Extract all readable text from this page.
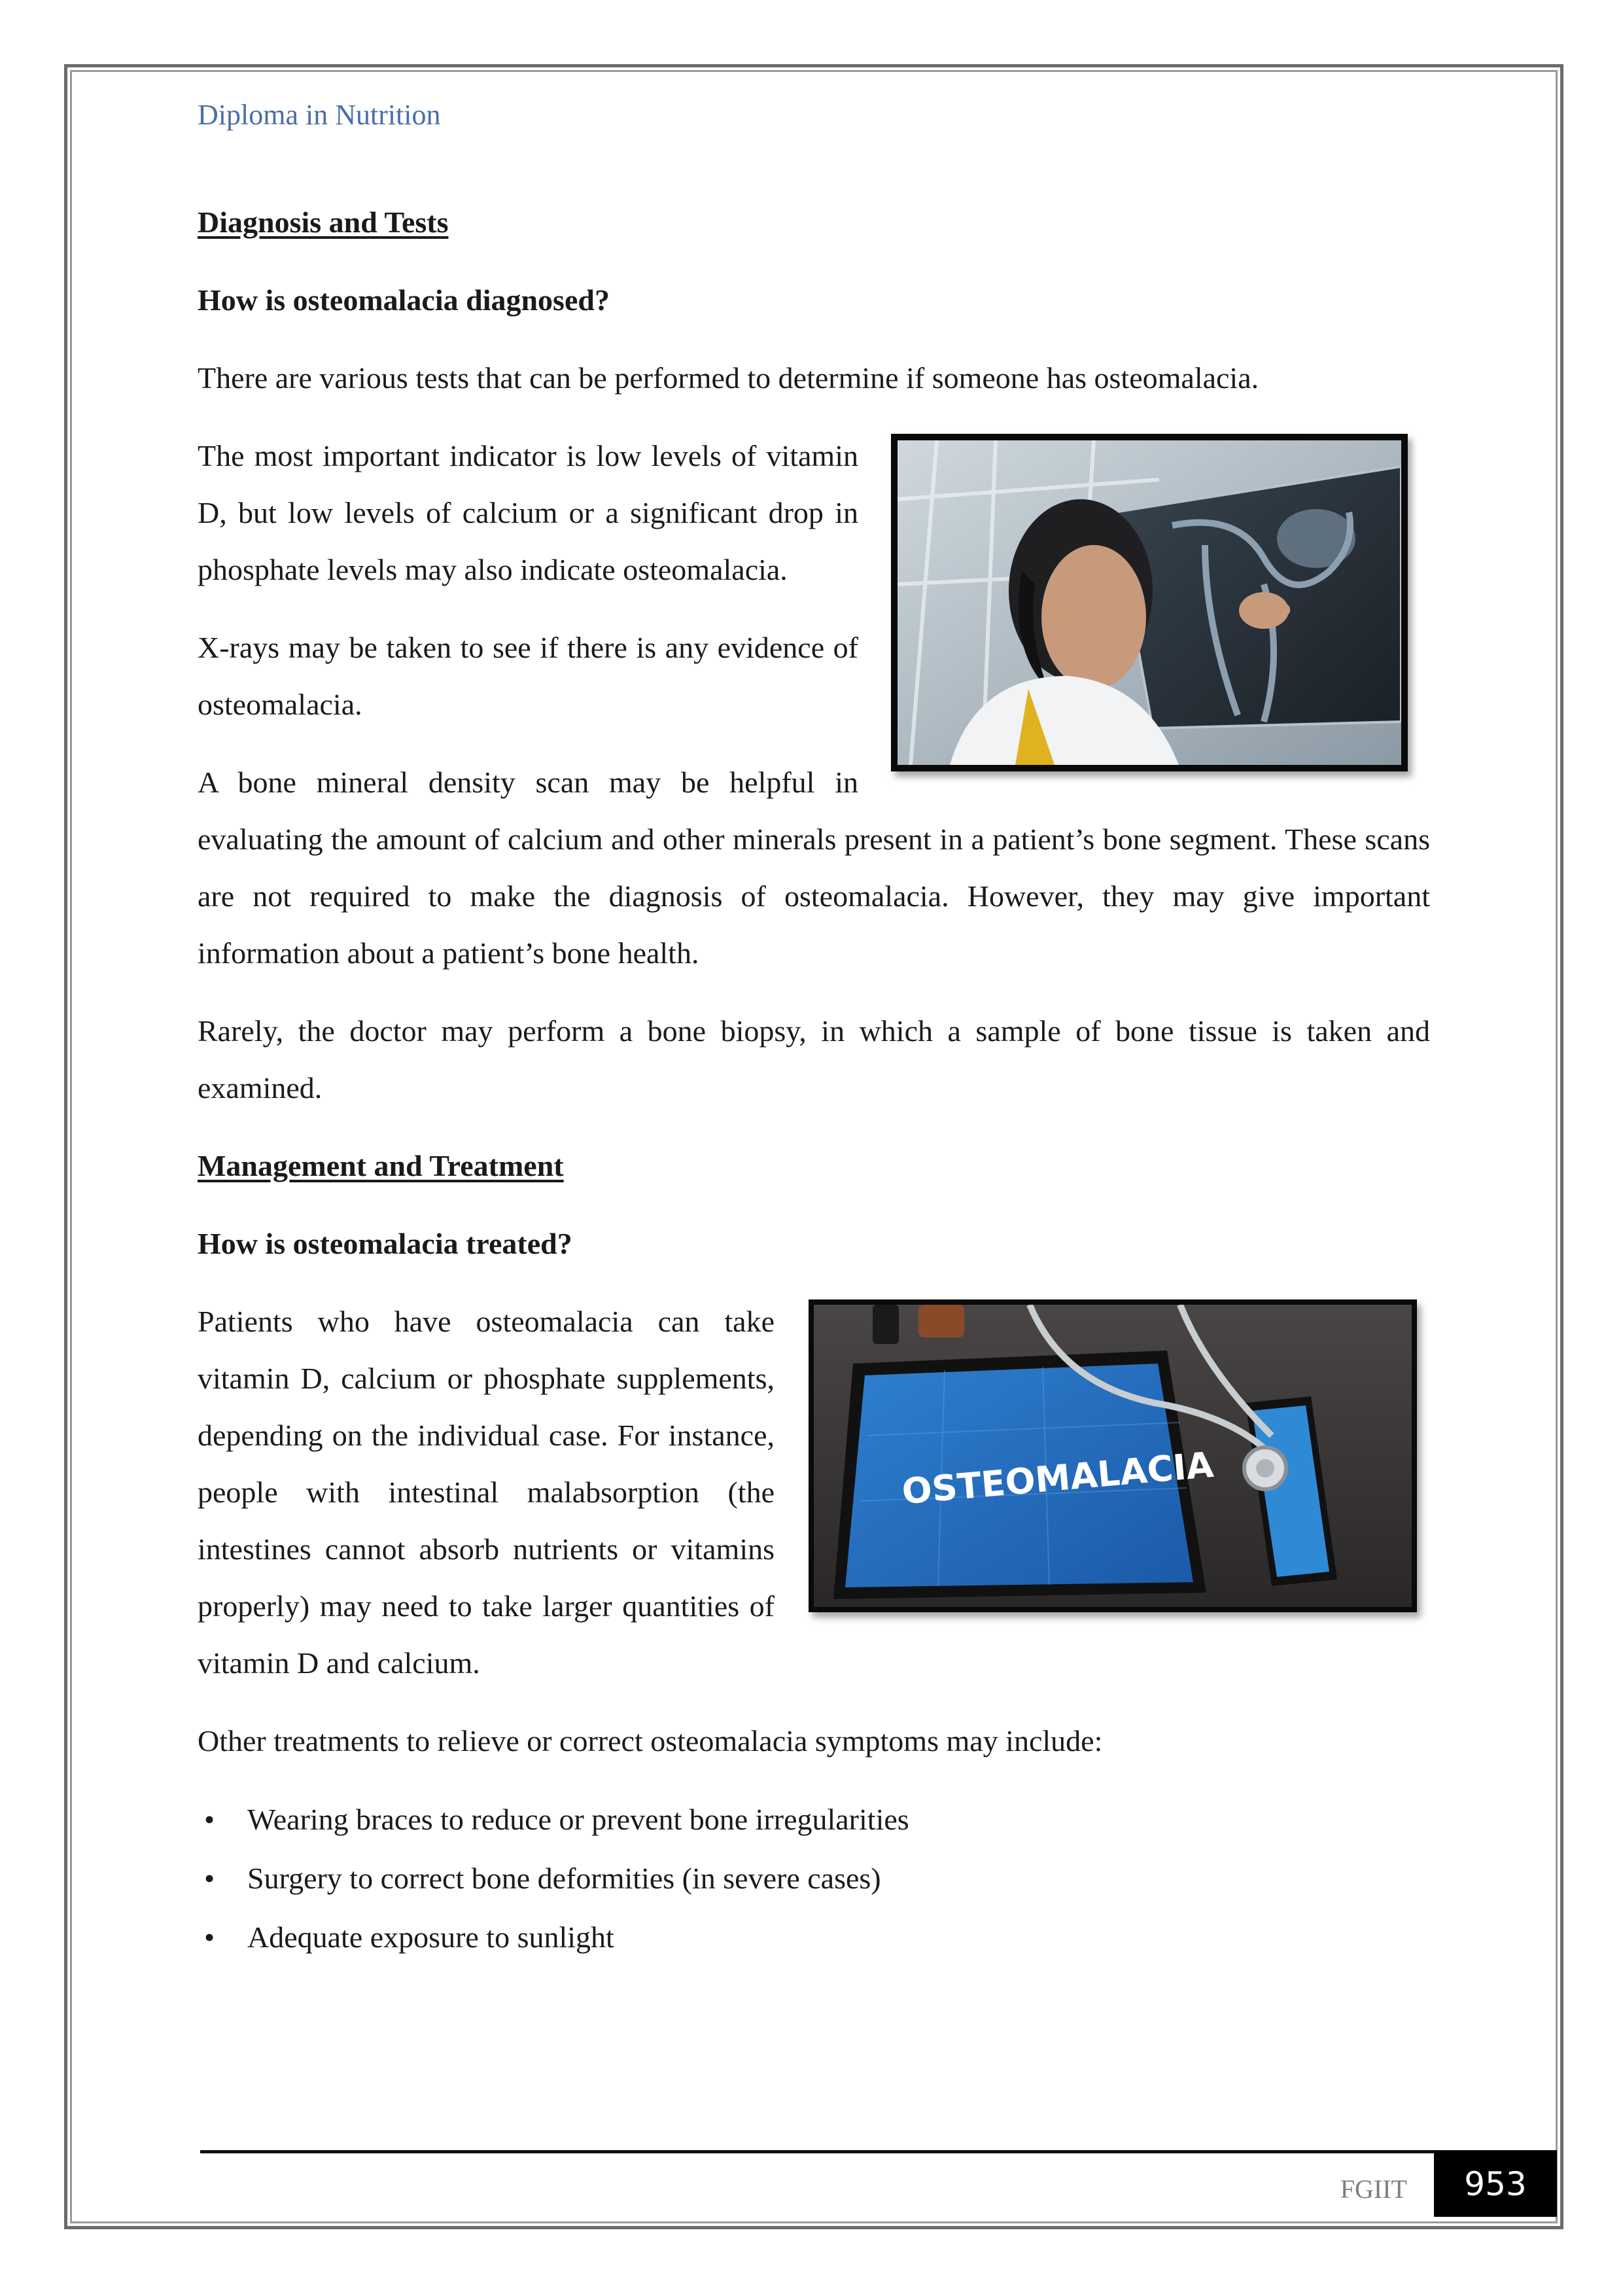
Diploma in Nutrition
Diagnosis and Tests
How is osteomalacia diagnosed?

There are various tests that can be performed to determine if someone has osteomalacia.

The most important indicator is low levels of vitamin D, but low levels of calcium or a significant drop in phosphate levels may also indicate osteomalacia.

X-rays may be taken to see if there is any evidence of osteomalacia.

A bone mineral density scan may be helpful in evaluating the amount of calcium and other minerals present in a patient’s bone segment. These scans are not required to make the diagnosis of osteomalacia. However, they may give important information about a patient’s bone health.

Rarely, the doctor may perform a bone biopsy, in which a sample of bone tissue is taken and examined.

Management and Treatment
How is osteomalacia treated?
OSTEOMALACIA

Patients who have osteomalacia can take vitamin D, calcium or phosphate supplements, depending on the individual case. For instance, people with intestinal malabsorption (the intestines cannot absorb nutrients or vitamins properly) may need to take larger quantities of vitamin D and calcium.

Other treatments to relieve or correct osteomalacia symptoms may include:

• Wearing braces to reduce or prevent bone irregularities
• Surgery to correct bone deformities (in severe cases)
• Adequate exposure to sunlight
FGIIT	953
